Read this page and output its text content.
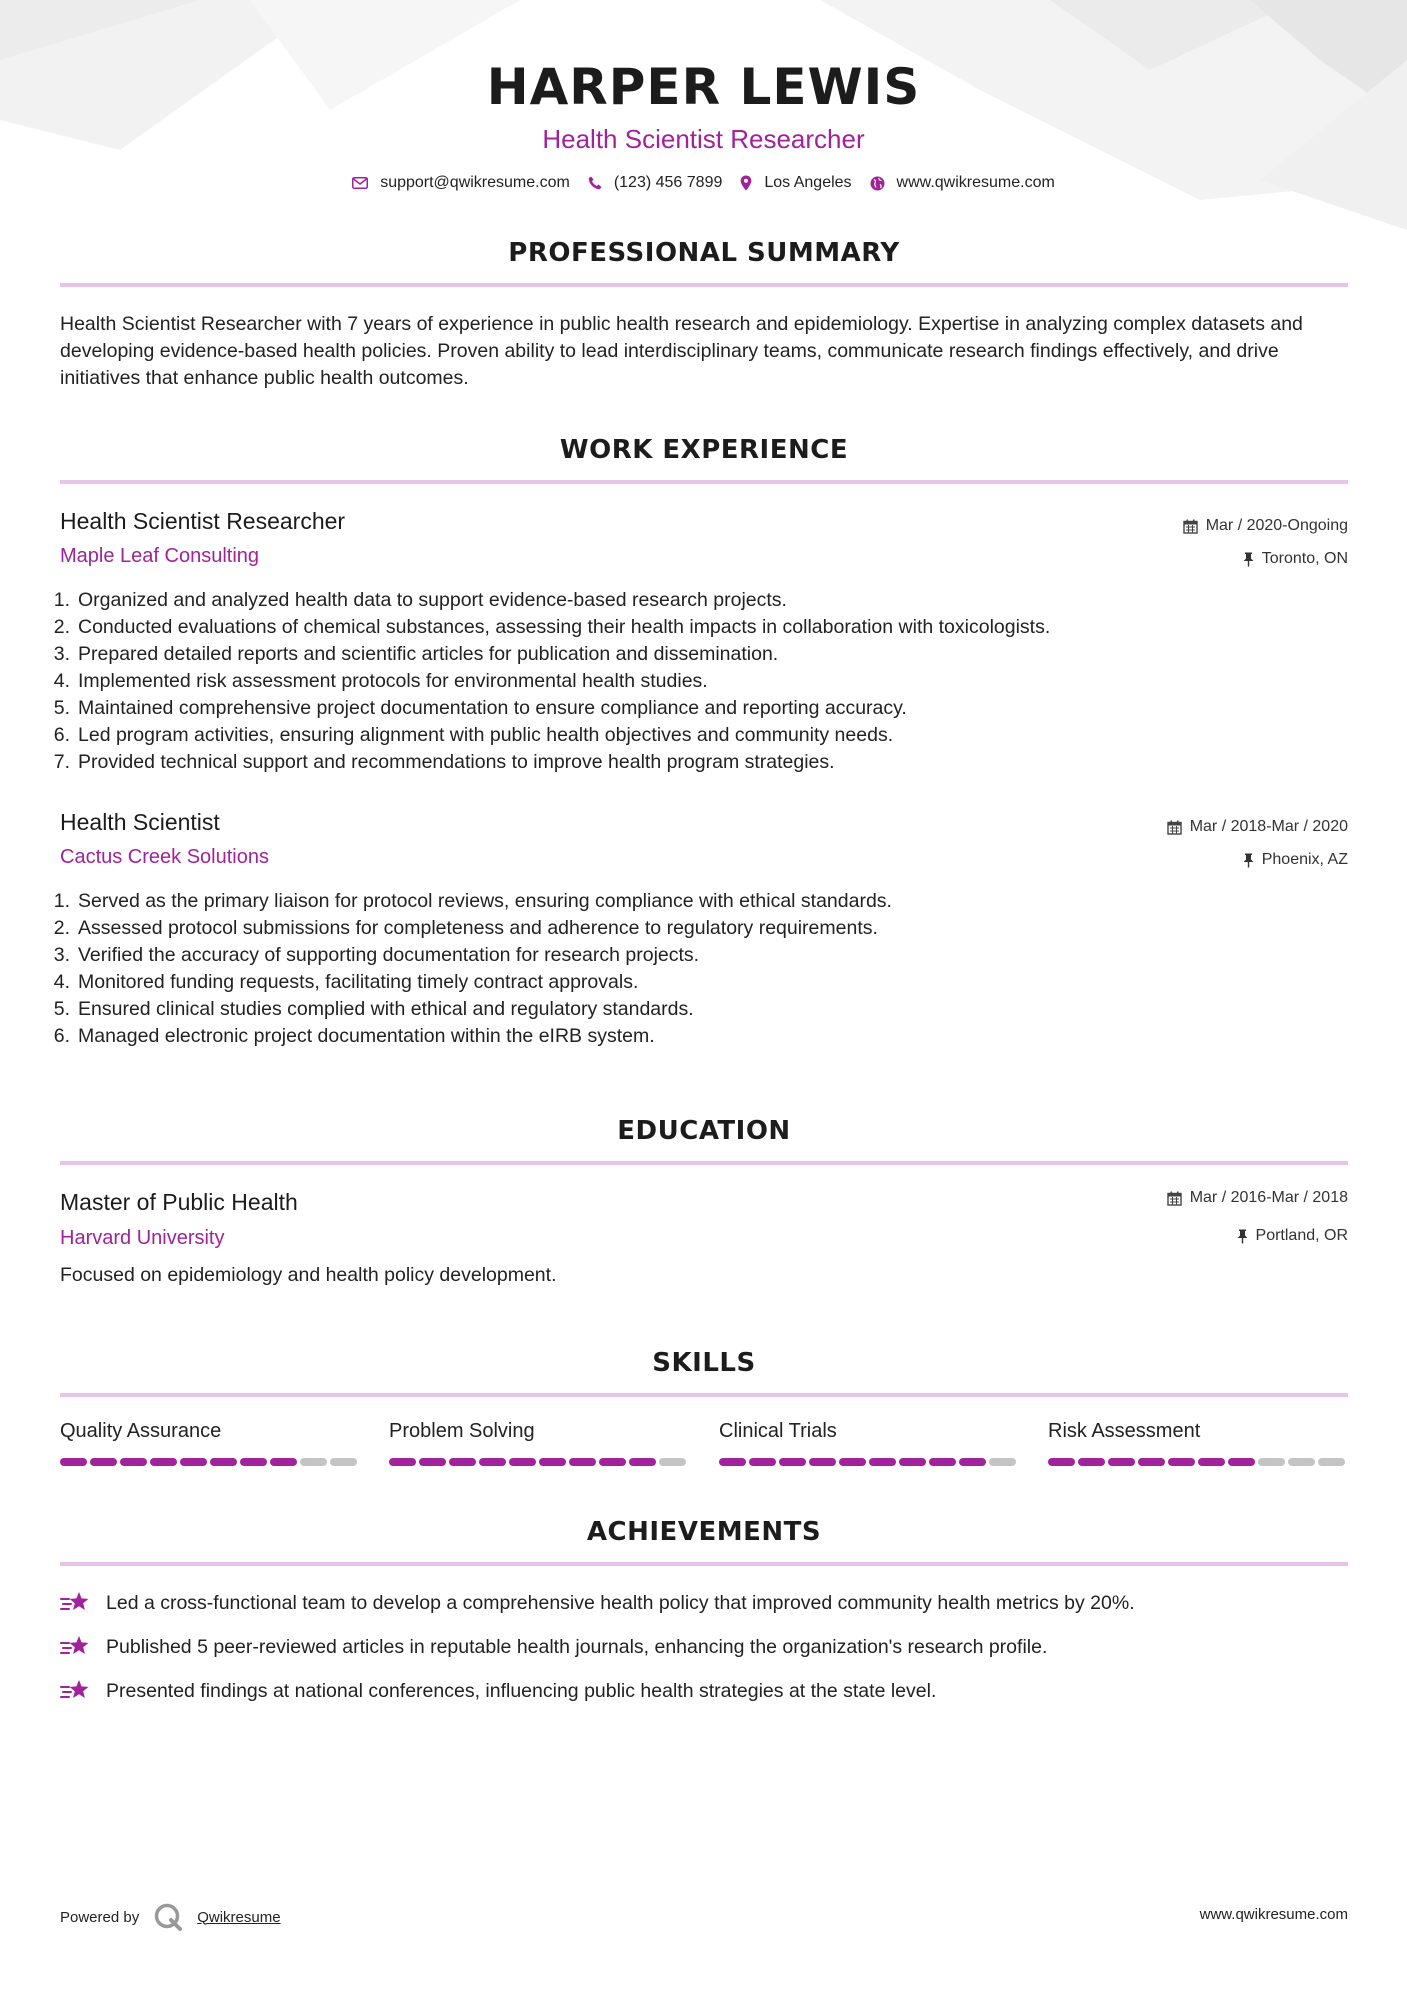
HARPER LEWIS
Health Scientist Researcher
support@qwikresume.com	(123) 456 7899	Los Angeles	www.qwikresume.com
PROFESSIONAL SUMMARY
Health Scientist Researcher with 7 years of experience in public health research and epidemiology. Expertise in analyzing complex datasets and developing evidence-based health policies. Proven ability to lead interdisciplinary teams, communicate research findings effectively, and drive initiatives that enhance public health outcomes.
WORK EXPERIENCE
Health Scientist Researcher
Maple Leaf Consulting
Mar / 2020-Ongoing
Toronto, ON
1. Organized and analyzed health data to support evidence-based research projects.
2. Conducted evaluations of chemical substances, assessing their health impacts in collaboration with toxicologists.
3. Prepared detailed reports and scientific articles for publication and dissemination.
4. Implemented risk assessment protocols for environmental health studies.
5. Maintained comprehensive project documentation to ensure compliance and reporting accuracy.
6. Led program activities, ensuring alignment with public health objectives and community needs.
7. Provided technical support and recommendations to improve health program strategies.
Health Scientist
Cactus Creek Solutions
Mar / 2018-Mar / 2020
Phoenix, AZ
1. Served as the primary liaison for protocol reviews, ensuring compliance with ethical standards.
2. Assessed protocol submissions for completeness and adherence to regulatory requirements.
3. Verified the accuracy of supporting documentation for research projects.
4. Monitored funding requests, facilitating timely contract approvals.
5. Ensured clinical studies complied with ethical and regulatory standards.
6. Managed electronic project documentation within the eIRB system.
EDUCATION
Master of Public Health
Harvard University
Mar / 2016-Mar / 2018
Portland, OR
Focused on epidemiology and health policy development.
SKILLS
Quality Assurance	Problem Solving	Clinical Trials	Risk Assessment
ACHIEVEMENTS
Led a cross-functional team to develop a comprehensive health policy that improved community health metrics by 20%.
Published 5 peer-reviewed articles in reputable health journals, enhancing the organization's research profile.
Presented findings at national conferences, influencing public health strategies at the state level.
Powered by	Qwikresume	www.qwikresume.com
